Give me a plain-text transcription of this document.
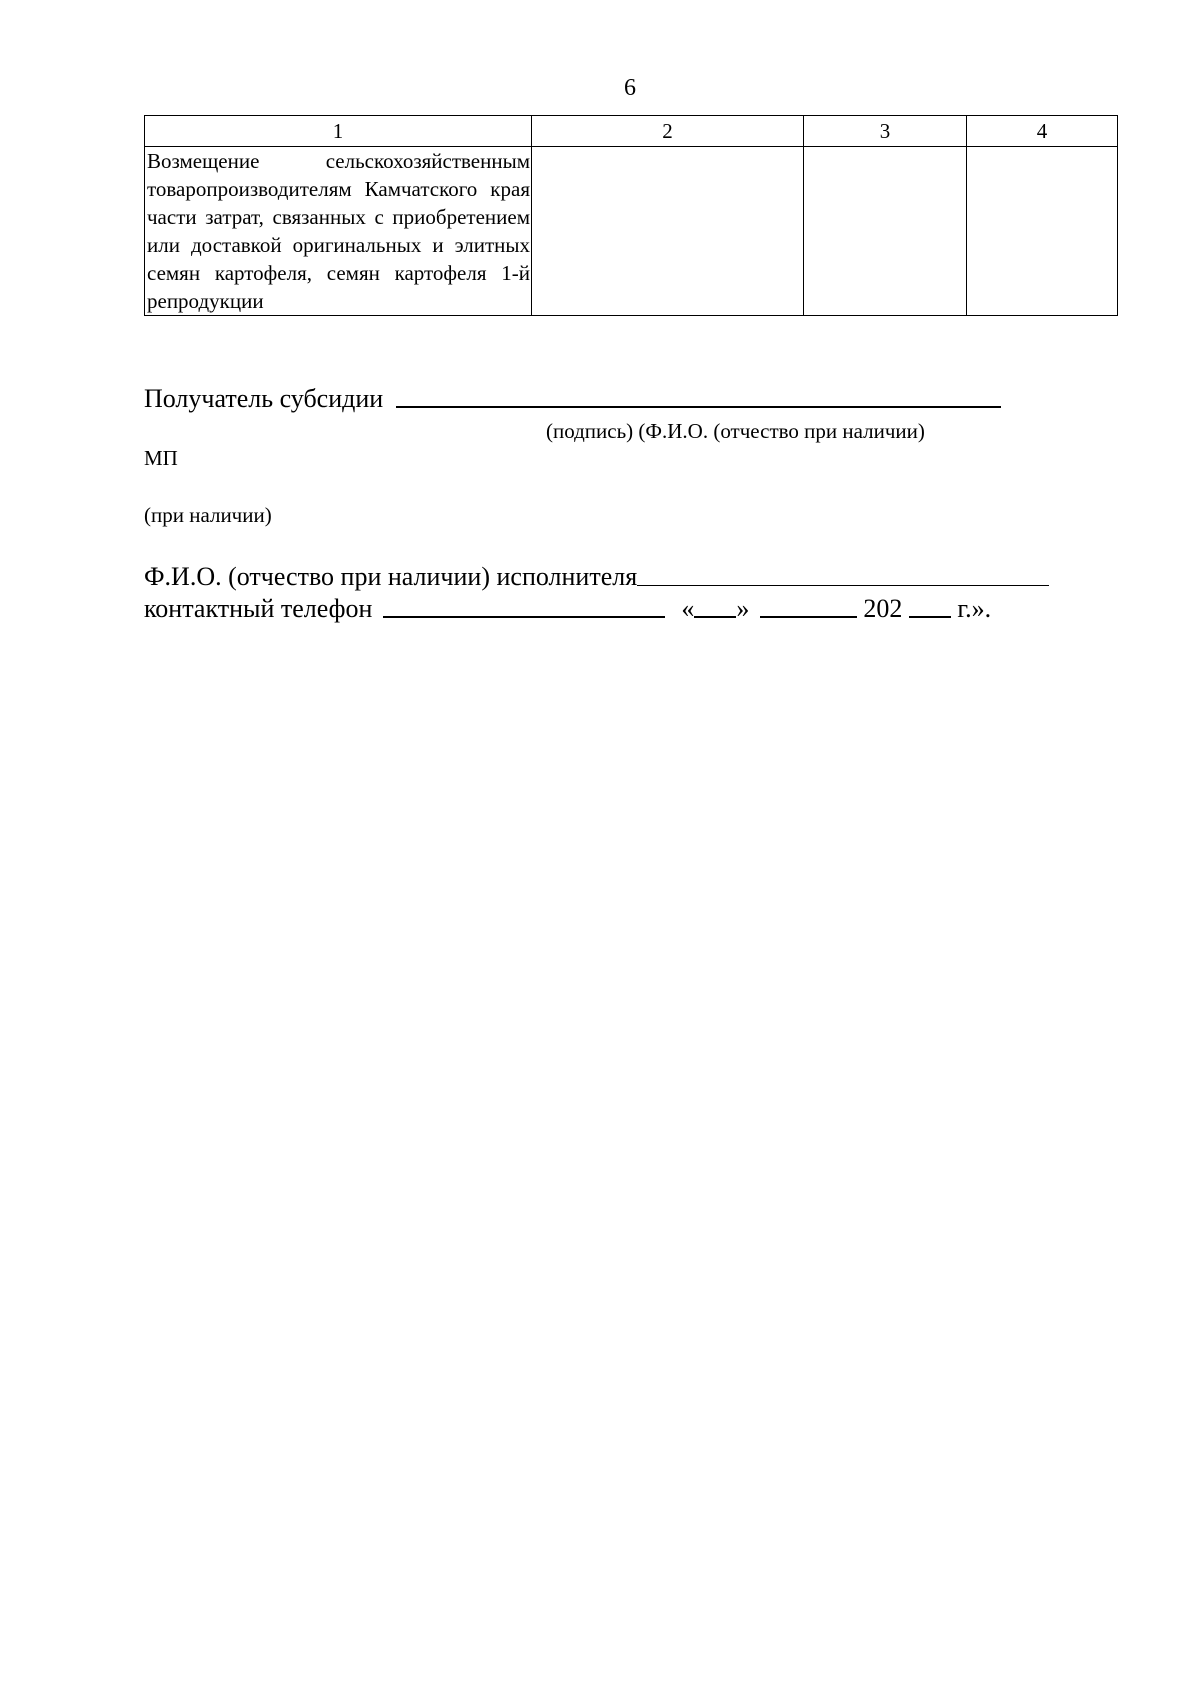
6
1	2	3	4

Возмещение сельскохозяйственным товаропроизводителям Камчатского края части затрат, связанных с приобретением или доставкой оригинальных и элитных семян картофеля, семян картофеля 1-й репродукции			

Получатель субсидии
(подпись) (Ф.И.О. (отчество при наличии)
МП
(при наличии)
Ф.И.О. (отчество при наличии) исполнителя
контактный телефон	« »	202 г.».
